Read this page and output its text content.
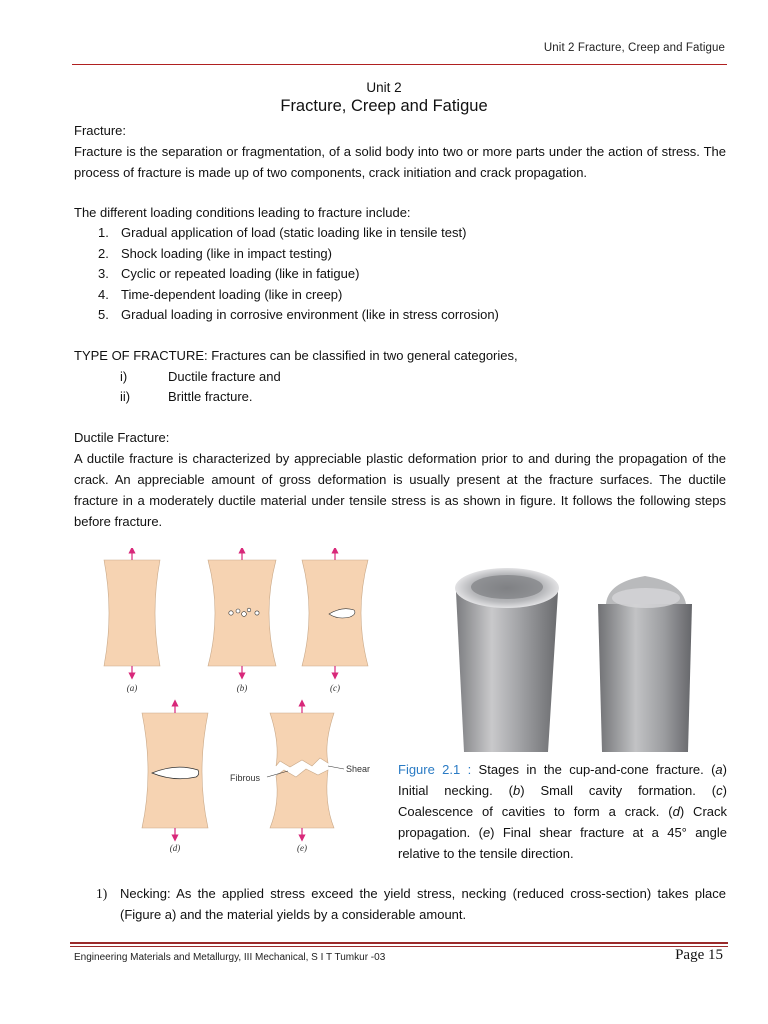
Unit 2 Fracture, Creep and Fatigue
Unit 2
Fracture, Creep and Fatigue
Fracture:
Fracture is the separation or fragmentation, of a solid body into two or more parts under the action of stress. The process of fracture is made up of two components, crack initiation and crack propagation.
The different loading conditions leading to fracture include:
1. Gradual application of load (static loading like in tensile test)
2. Shock loading (like in impact testing)
3. Cyclic or repeated loading (like in fatigue)
4. Time-dependent loading (like in creep)
5. Gradual loading in corrosive environment (like in stress corrosion)
TYPE OF FRACTURE: Fractures can be classified in two general categories,
i)	Ductile fracture and
ii)	Brittle fracture.
Ductile Fracture:
A ductile fracture is characterized by appreciable plastic deformation prior to and during the propagation of the crack. An appreciable amount of gross deformation is usually present at the fracture surfaces. The ductile fracture in a moderately ductile material under tensile stress is as shown in figure. It follows the following steps before fracture.
(a)	(b)	(c)
(d)
Fibrous
Shear
(e)
Figure 2.1 : Stages in the cup-and-cone fracture. (a) Initial necking. (b) Small cavity formation. (c) Coalescence of cavities to form a crack. (d) Crack propagation. (e) Final shear fracture at a 45° angle relative to the tensile direction.
1) Necking: As the applied stress exceed the yield stress, necking (reduced cross-section) takes place (Figure a) and the material yields by a considerable amount.
Engineering Materials and Metallurgy, III Mechanical, S I T Tumkur -03	Page 15
